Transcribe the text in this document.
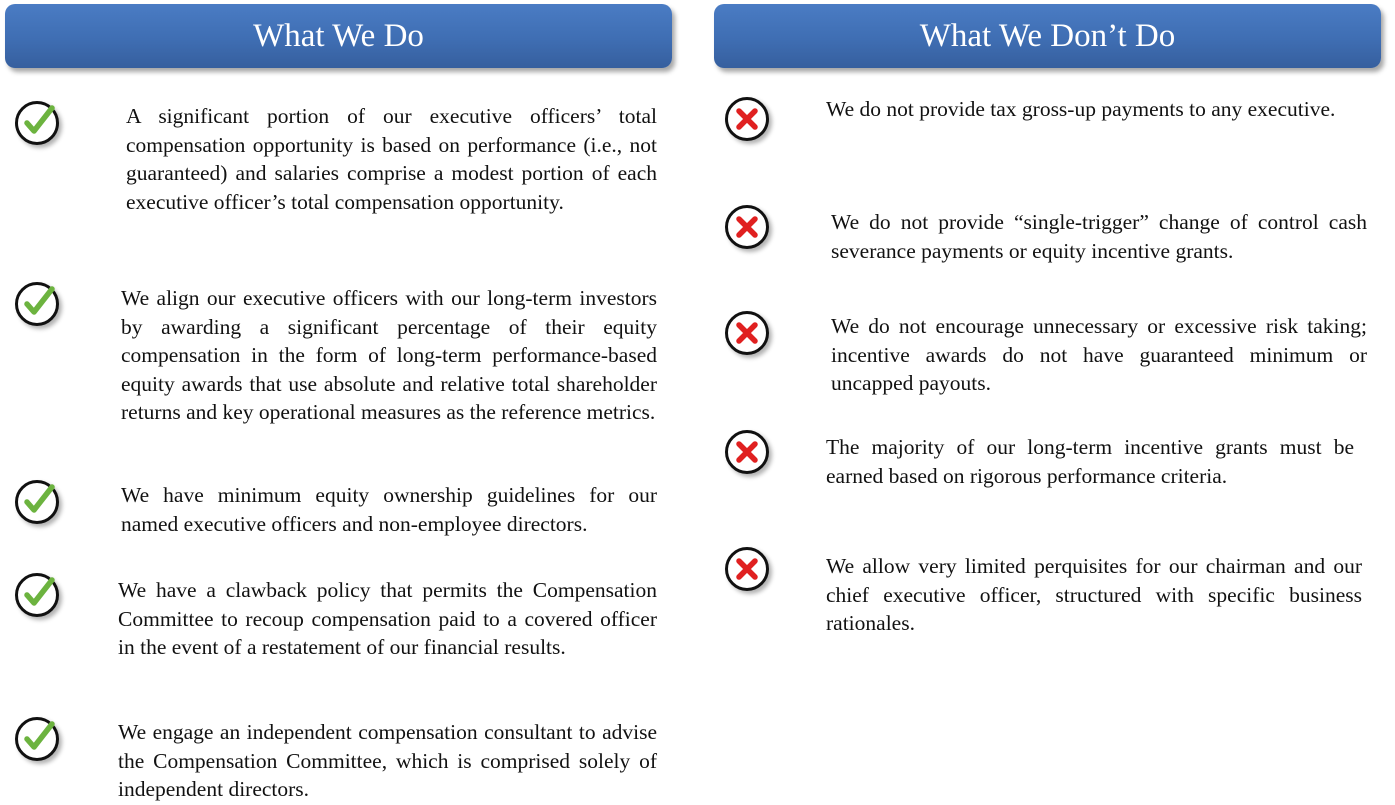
What We Do	What We Don’t Do
A significant portion of our executive officers’ total compensation opportunity is based on performance (i.e., not guaranteed) and salaries comprise a modest portion of each executive officer’s total compensation opportunity.
We align our executive officers with our long-term investors by awarding a significant percentage of their equity compensation in the form of long-term performance-based equity awards that use absolute and relative total shareholder returns and key operational measures as the reference metrics.
We have minimum equity ownership guidelines for our named executive officers and non-employee directors.
We have a clawback policy that permits the Compensation Committee to recoup compensation paid to a covered officer in the event of a restatement of our financial results.
We engage an independent compensation consultant to advise the Compensation Committee, which is comprised solely of independent directors.
We do not provide tax gross-up payments to any executive.
We do not provide “single-trigger” change of control cash severance payments or equity incentive grants.
We do not encourage unnecessary or excessive risk taking; incentive awards do not have guaranteed minimum or uncapped payouts.
The majority of our long-term incentive grants must be earned based on rigorous performance criteria.
We allow very limited perquisites for our chairman and our chief executive officer, structured with specific business rationales.
